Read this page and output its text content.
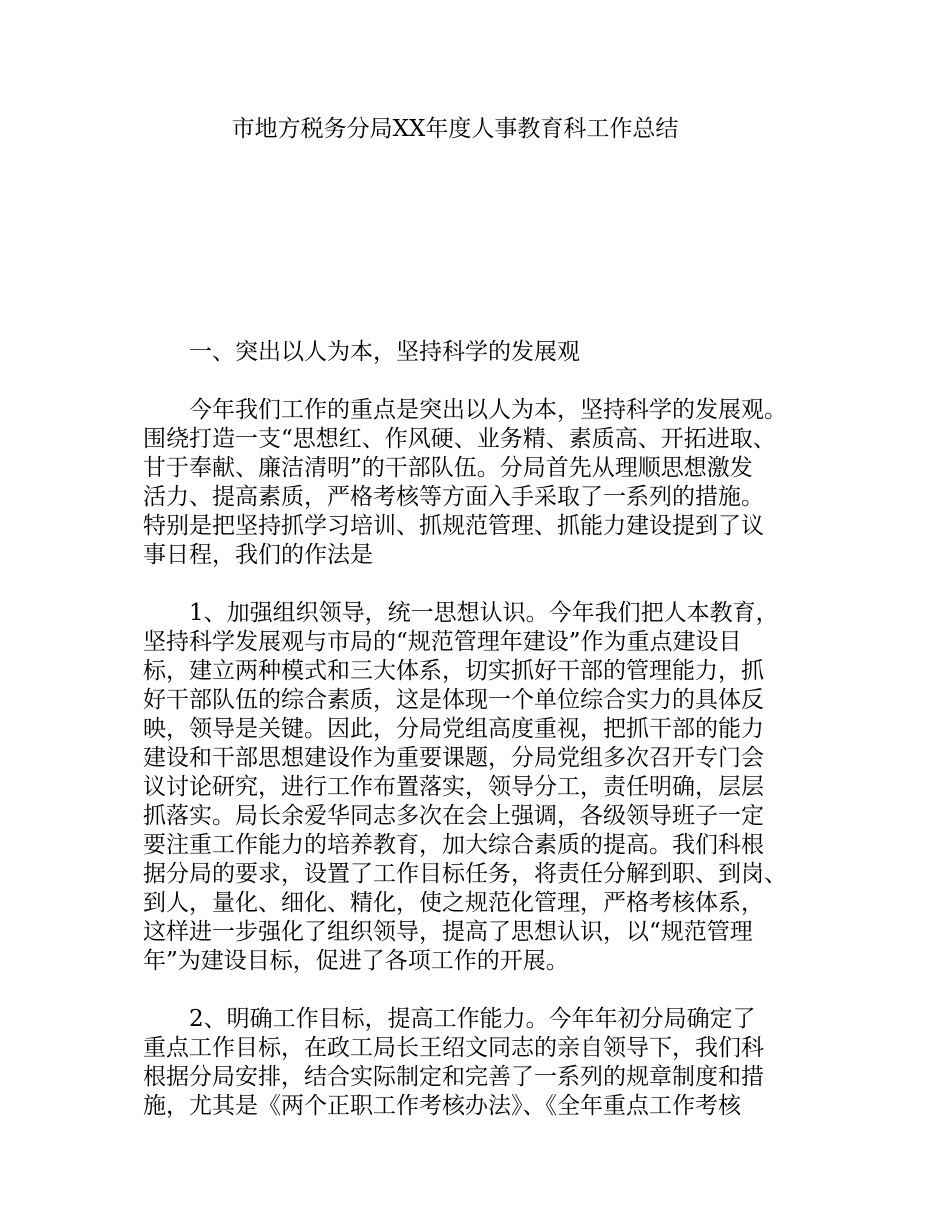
市地方税务分局XX年度人事教育科工作总结

一、突出以人为本，坚持科学的发展观

今年我们工作的重点是突出以人为本，坚持科学的发展观。
围绕打造一支“思想红、作风硬、业务精、素质高、开拓进取、
甘于奉献、廉洁清明”的干部队伍。分局首先从理顺思想激发
活力、提高素质，严格考核等方面入手采取了一系列的措施。
特别是把坚持抓学习培训、抓规范管理、抓能力建设提到了议
事日程，我们的作法是
1、加强组织领导，统一思想认识。今年我们把人本教育，
坚持科学发展观与市局的“规范管理年建设”作为重点建设目
标，建立两种模式和三大体系，切实抓好干部的管理能力，抓
好干部队伍的综合素质，这是体现一个单位综合实力的具体反
映，领导是关键。因此，分局党组高度重视，把抓干部的能力
建设和干部思想建设作为重要课题，分局党组多次召开专门会
议讨论研究，进行工作布置落实，领导分工，责任明确，层层
抓落实。局长余爱华同志多次在会上强调，各级领导班子一定
要注重工作能力的培养教育，加大综合素质的提高。我们科根
据分局的要求，设置了工作目标任务，将责任分解到职、到岗、
到人，量化、细化、精化，使之规范化管理，严格考核体系，
这样进一步强化了组织领导，提高了思想认识，以“规范管理
年”为建设目标，促进了各项工作的开展。
2、明确工作目标，提高工作能力。今年年初分局确定了
重点工作目标，在政工局长王绍文同志的亲自领导下，我们科
根据分局安排，结合实际制定和完善了一系列的规章制度和措
施，尤其是《两个正职工作考核办法》、《全年重点工作考核
